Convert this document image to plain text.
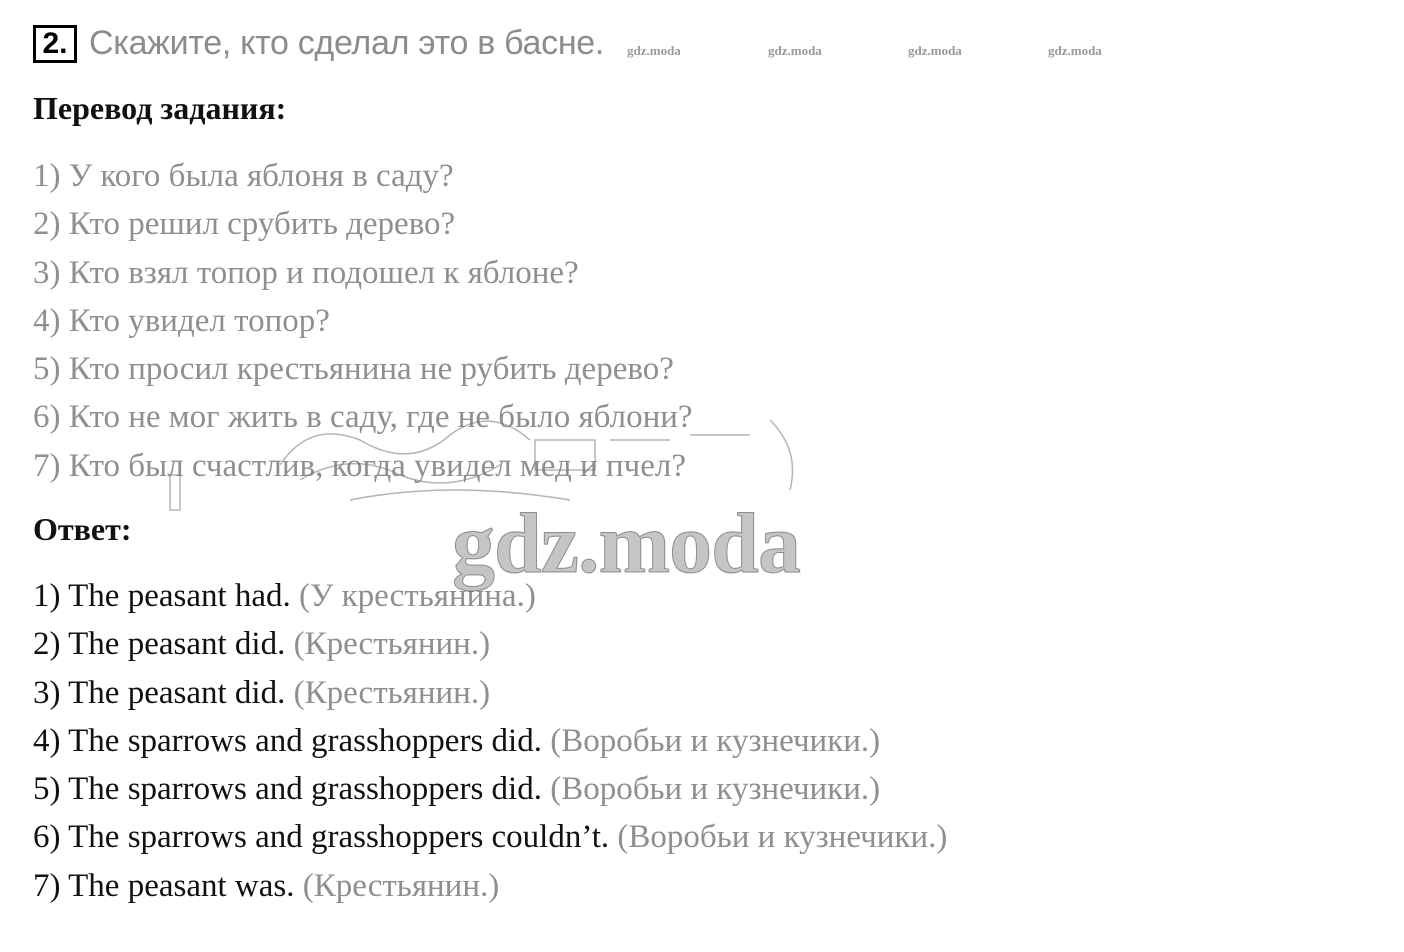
2. Скажите, кто сделал это в басне. gdz.moda	gdz.moda	gdz.moda	gdz.moda
Перевод задания:
1) У кого была яблоня в саду?
2) Кто решил срубить дерево?
3) Кто взял топор и подошел к яблоне?
4) Кто увидел топор?
5) Кто просил крестьянина не рубить дерево?
6) Кто не мог жить в саду, где не было яблони?
7) Кто был счастлив, когда увидел мед и пчел?
Ответ:
1) The peasant had. (У крестьянина.)
2) The peasant did. (Крестьянин.)
3) The peasant did. (Крестьянин.)
4) The sparrows and grasshoppers did. (Воробьи и кузнечики.)
5) The sparrows and grasshoppers did. (Воробьи и кузнечики.)
6) The sparrows and grasshoppers couldn’t. (Воробьи и кузнечики.)
7) The peasant was. (Крестьянин.)
gdz.moda
